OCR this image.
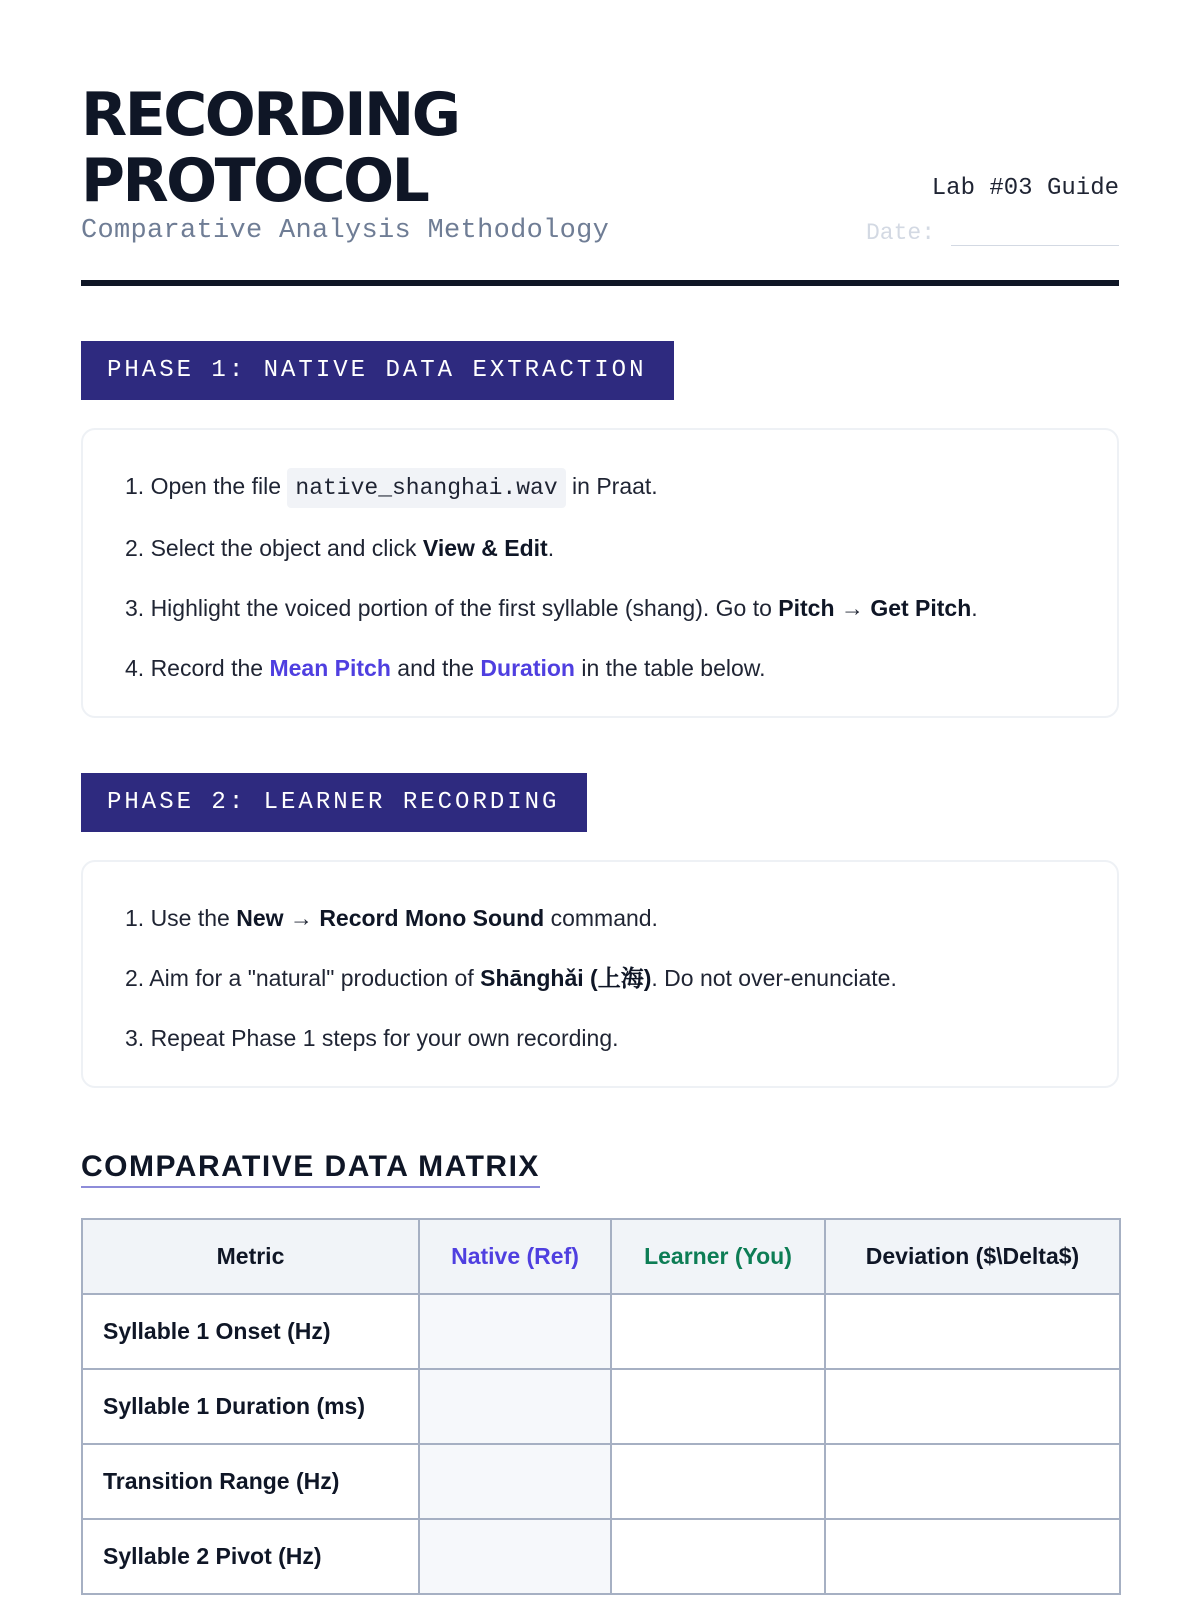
RECORDING
PROTOCOL
Comparative Analysis Methodology
Lab #03 Guide
Date:
PHASE 1: NATIVE DATA EXTRACTION
1. Open the file native_shanghai.wav in Praat.
2. Select the object and click View & Edit.
3. Highlight the voiced portion of the first syllable (shang). Go to Pitch → Get Pitch.
4. Record the Mean Pitch and the Duration in the table below.
PHASE 2: LEARNER RECORDING
1. Use the New → Record Mono Sound command.
2. Aim for a "natural" production of Shānghǎi (上海). Do not over-enunciate.
3. Repeat Phase 1 steps for your own recording.
COMPARATIVE DATA MATRIX
Metric	Native (Ref)	Learner (You)	Deviation ($\Delta$)
Syllable 1 Onset (Hz)			
Syllable 1 Duration (ms)			
Transition Range (Hz)			
Syllable 2 Pivot (Hz)			
